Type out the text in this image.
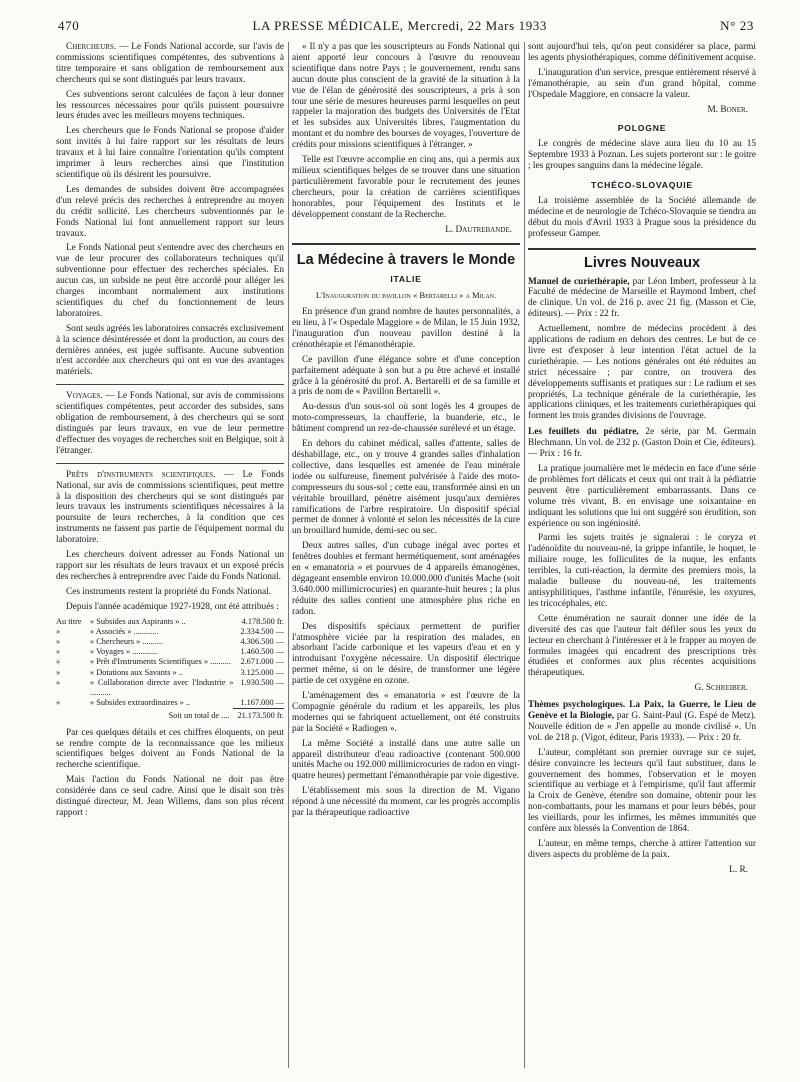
470	LA PRESSE MÉDICALE, Mercredi, 22 Mars 1933	N° 23

Chercheurs. — Le Fonds National accorde, sur l'avis de commissions scientifiques compétentes, des subventions à titre temporaire et sans obligation de remboursement aux chercheurs qui se sont distingués par leurs travaux.

Ces subventions seront calculées de façon à leur donner les ressources nécessaires pour qu'ils puissent poursuivre leurs études avec les meilleurs moyens techniques.

Les chercheurs que le Fonds National se propose d'aider sont invités à lui faire rapport sur les résultats de leurs travaux et à lui faire connaître l'orientation qu'ils comptent imprimer à leurs recherches ainsi que l'institution scientifique où ils désirent les poursuivre.

Les demandes de subsides doivent être accompagnées d'un relevé précis des recherches à entreprendre au moyen du crédit sollicité. Les chercheurs subventionnés par le Fonds National lui font annuellement rapport sur leurs travaux.

Le Fonds National peut s'entendre avec des chercheurs en vue de leur procurer des collaborateurs techniques qu'il subventionne pour effectuer des recherches spéciales. En aucun cas, un subside ne peut être accordé pour alléger les charges incombant normalement aux institutions scientifiques du chef du fonctionnement de leurs laboratoires.

Sont seuls agréés les laboratoires consacrés exclusivement à la science désintéressée et dont la production, au cours des dernières années, est jugée suffisante. Aucune subvention n'est accordée aux chercheurs qui ont en vue des avantages matériels.

Voyages. — Le Fonds National, sur avis de commissions scientifiques compétentes, peut accorder des subsides, sans obligation de remboursement, à des chercheurs qui se sont distingués par leurs travaux, en vue de leur permettre d'effectuer des voyages de recherches soit en Belgique, soit à l'étranger.

Prêts d'instruments scientifiques. — Le Fonds National, sur avis de commissions scientifiques, peut mettre à la disposition des chercheurs qui se sont distingués par leurs travaux les instruments scientifiques nécessaires à la poursuite de leurs recherches, à la condition que ces instruments ne fassent pas partie de l'équipement normal du laboratoire.

Les chercheurs doivent adresser au Fonds National un rapport sur les résultats de leurs travaux et un exposé précis des recherches à entreprendre avec l'aide du Fonds National.

Ces instruments restent la propriété du Fonds National.

Depuis l'année académique 1927-1928, ont été attribués :

Au titre	« Subsides aux Aspirants » ..	4.178.500 fr.
»	« Associés » ............	2.334.500 —
»	« Chercheurs » ..........	4.306.500 —
»	« Voyages » ............	1.460.500 —
»	« Prêt d'Instruments Scientifiques » ..........	2.671.000 —
»	« Dotations aux Savants » ..	3.125.000 —
»	« Collaboration directe avec l'Industrie » ..........	1.930.500 —
»	« Subsides extraordinaires » ..	1.167.000 —
	Soit un total de ....	21.173.500 fr.

Par ces quelques détails et ces chiffres éloquents, on peut se rendre compte de la reconnaissance que les milieux scientifiques belges doivent au Fonds National de la recherche scientifique.

Mais l'action du Fonds National ne doit pas être considérée dans ce seul cadre. Ainsi que le disait son très distingué directeur, M. Jean Willems, dans son plus récent rapport :

« Il n'y a pas que les souscripteurs au Fonds National qui aient apporté leur concours à l'œuvre du renouveau scientifique dans notre Pays ; le gouvernement, rendu sans aucun doute plus conscient de la gravité de la situation à la vue de l'élan de générosité des souscripteurs, a pris à son tour une série de mesures heureuses parmi lesquelles on peut rappeler la majoration des budgets des Universités de l'Etat et les subsides aux Universités libres, l'augmentation du montant et du nombre des bourses de voyages, l'ouverture de crédits pour missions scientifiques à l'étranger. »

Telle est l'œuvre accomplie en cinq ans, qui a permis aux milieux scientifiques belges de se trouver dans une situation particulièrement favorable pour le recrutement des jeunes chercheurs, pour la création de carrières scientifiques honorables, pour l'équipement des Instituts et le développement constant de la Recherche.

L. Dautrebande.

La Médecine à travers le Monde
ITALIE

L'Inauguration du pavillon « Bertarelli » a Milan.

En présence d'un grand nombre de hautes personnalités, a eu lieu, à l'« Ospedale Maggiore » de Milan, le 15 Juin 1932, l'inauguration d'un nouveau pavillon destiné à la crénothérapie et l'émanothérapie.

Ce pavillon d'une élégance sobre et d'une conception parfaitement adéquate à son but a pu être achevé et installé grâce à la générosité du prof. A. Bertarelli et de sa famille et a pris de nom de « Pavillon Bertarelli ».

Au-dessus d'un sous-sol où sont logés les 4 groupes de moto-compresseurs, la chaufferie, la buanderie, etc., le bâtiment comprend un rez-de-chaussée surélevé et un étage.

En dehors du cabinet médical, salles d'attente, salles de déshabillage, etc., on y trouve 4 grandes salles d'inhalation collective, dans lesquelles est amenée de l'eau minérale iodée ou sulfureuse, finement pulvérisée à l'aide des moto-compresseurs du sous-sol ; cette eau, transformée ainsi en un véritable brouillard, pénètre aisément jusqu'aux dernières ramifications de l'arbre respiratoire. Un dispositif spécial permet de donner à volonté et selon les nécessités de la cure un brouillard humide, demi-sec ou sec.

Deux autres salles, d'un cubage inégal avec portes et fenêtres doubles et fermant hermétiquement, sont aménagées en « emanatoria » et pourvues de 4 appareils émanogènes, dégageant ensemble environ 10.000.000 d'unités Mache (soit 3.640.000 millimicrocuries) en quarante-huit heures ; la plus réduite des salles contient une atmosphère plus riche en radon.

Des dispositifs spéciaux permettent de purifier l'atmosphère viciée par la respiration des malades, en absorbant l'acide carbonique et les vapeurs d'eau et en y introduisant l'oxygène nécessaire. Un dispositif électrique permet même, si on le désire, de transformer une légère partie de cet oxygène en ozone.

L'aménagement des « emanatoria » est l'œuvre de la Compagnie générale du radium et les appareils, les plus modernes qui se fabriquent actuellement, ont été construits par la Société « Radiogen ».

La même Société a installé dans une autre salle un appareil distributeur d'eau radioactive (contenant 500.000 unités Mache ou 192.000 millimicrocuries de radon en vingt-quatre heures) permettant l'émanothérapie par voie digestive.

L'établissement mis sous la direction de M. Vigano répond à une nécessité du moment, car les progrès accomplis par la thérapeutique radioactive

sont aujourd'hui tels, qu'on peut considérer sa place, parmi les agents physiothérapiques, comme définitivement acquise.

L'inauguration d'un service, presque entièrement réservé à l'émanothérapie, au sein d'un grand hôpital, comme l'Ospedale Maggiore, en consacre la valeur.

M. Boner.

POLOGNE

Le congrès de médecine slave aura lieu du 10 au 15 Septembre 1933 à Poznan. Les sujets porteront sur : le goitre ; les groupes sanguins dans la médecine légale.

TCHÉCO-SLOVAQUIE

La troisième assemblée de la Société allemande de médecine et de neurologie de Tchéco-Slovaquie se tiendra au début du mois d'Avril 1933 à Prague sous la présidence du professeur Gamper.

Livres Nouveaux

Manuel de curiethérapie, par Léon Imbert, professeur à la Faculté de médecine de Marseille et Raymond Imbert, chef de clinique. Un vol. de 216 p. avec 21 fig. (Masson et Cie, éditeurs). — Prix : 22 fr.

Actuellement, nombre de médecins procèdent à des applications de radium en dehors des centres. Le but de ce livre est d'exposer à leur intention l'état actuel de la curiethérapie. — Les notions générales ont été réduites au strict nécessaire ; par contre, on trouvera des développements suffisants et pratiques sur : Le radium et ses propriétés, La technique générale de la curiethérapie, les applications cliniques, et les traitements curiethérapiques qui forment les trois grandes divisions de l'ouvrage.

Les feuillets du pédiatre, 2e série, par M. Germain Blechmann. Un vol. de 232 p. (Gaston Doin et Cie, éditeurs). — Prix : 16 fr.

La pratique journalière met le médecin en face d'une série de problèmes fort délicats et ceux qui ont trait à la pédiatrie peuvent être particulièrement embarrassants. Dans ce volume très vivant, B. en envisage une soixantaine en indiquant les solutions que lui ont suggéré son érudition, son expérience ou son ingéniosité.

Parmi les sujets traités je signalerai : le coryza et l'adénoïdite du nouveau-né, la grippe infantile, le hoquet, le miliaire rouge, les folliculites de la nuque, les enfants terribles, la cuti-réaction, la dermite des premiers mois, la maladie bulleuse du nouveau-né, les traitements antisyphilitiques, l'asthme infantile, l'énurésie, les oxyures, les tricocéphales, etc.

Cette énumération ne saurait donner une idée de la diversité des cas que l'auteur fait défiler sous les yeux du lecteur en cherchant à l'intéresser et à le frapper au moyen de formules imagées qui encadrent des prescriptions très étudiées et conformes aux plus récentes acquisitions thérapeutiques.

G. Schreiber.

Thèmes psychologiques. La Paix, la Guerre, le Lieu de Genève et la Biologie, par G. Saint-Paul (G. Espé de Metz). Nouvelle édition de « J'en appelle au monde civilisé ». Un vol. de 218 p. (Vigot, éditeur, Paris 1933). — Prix : 20 fr.

L'auteur, complétant son premier ouvrage sur ce sujet, désire convaincre les lecteurs qu'il faut substituer, dans le gouvernement des hommes, l'observation et le moyen scientifique au verbiage et à l'empirisme, qu'il faut affermir la Croix de Genève, étendre son domaine, obtenir pour les non-combattants, pour les mamans et pour leurs bébés, pour les vieillards, pour les infirmes, les mêmes immunités que confère aux blessés la Convention de 1864.

L'auteur, en même temps, cherche à attirer l'attention sur divers aspects du problème de la paix.

L. R.
